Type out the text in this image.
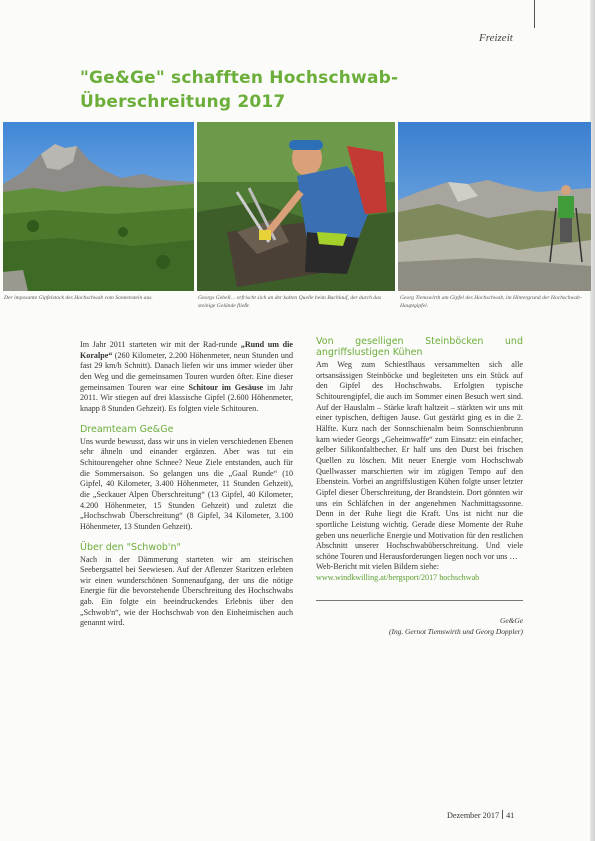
Freizeit
"Ge&Ge" schafften Hochschwab-Überschreitung 2017
Der imposante Gipfelstock des Hochschwab vom Sonnenstein aus.	Georgs Gebell… erfrischt sich an der kalten Quelle beim Bachlauf, der durch das steinige Gelände fließt.
Georg Tiemswirth am Gipfel des Hochschwab, im Hintergrund der Hochschwab-Hauptgipfel.

Im Jahr 2011 starteten wir mit der Rad-runde „Rund um die Koralpe“ (260 Kilometer, 2.200 Höhenmeter, neun Stunden und fast 29 km/h Schnitt). Danach liefen wir uns immer wieder über den Weg und die gemeinsamen Touren wurden öfter. Eine dieser gemeinsamen Touren war eine Schitour im Gesäuse im Jahr 2011. Wir stiegen auf drei klassische Gipfel (2.600 Höhenmeter, knapp 8 Stunden Gehzeit). Es folgten viele Schitouren.

Dreamteam Ge&Ge

Uns wurde bewusst, dass wir uns in vielen verschiedenen Ebenen sehr ähneln und einander ergänzen. Aber was tut ein Schitourengeher ohne Schnee? Neue Ziele entstanden, auch für die Sommersaison. So gelangen uns die „Gaal Runde“ (10 Gipfel, 40 Kilometer, 3.400 Höhenmeter, 11 Stunden Gehzeit), die „Seckauer Alpen Überschreitung“ (13 Gipfel, 40 Kilometer, 4.200 Höhenmeter, 15 Stunden Gehzeit) und zuletzt die „Hochschwab Überschreitung“ (8 Gipfel, 34 Kilometer, 3.100 Höhenmeter, 13 Stunden Gehzeit).

Über den "Schwob'n"

Nach in der Dämmerung starteten wir am steirischen Seebergsattel bei Seewiesen. Auf der Aflenzer Staritzen erlebten wir einen wunderschönen Sonnenaufgang, der uns die nötige Energie für die bevorstehende Überschreitung des Hochschwabs gab. Ein folgte ein beeindruckendes Erlebnis über den „Schwob'n“, wie der Hochschwab von den Einheimischen auch genannt wird.

Von geselligen Steinböcken und angriffslustigen Kühen

Am Weg zum Schiestlhaus versammelten sich alle ortsansässigen Steinböcke und begleiteten uns ein Stück auf den Gipfel des Hochschwabs. Erfolgten typische Schitourengipfel, die auch im Sommer einen Besuch wert sind. Auf der Hauslalm – Stärke kraft haltzeit – stärkten wir uns mit einer typischen, deftigen Jause. Gut gestärkt ging es in die 2. Hälfte. Kurz nach der Sonnschienalm beim Sonnschienbrunn kam wieder Georgs „Geheimwaffe“ zum Einsatz: ein einfacher, gelber Silikonfaltbecher. Er half uns den Durst bei frischen Quellen zu löschen. Mit neuer Energie vom Hochschwab Quellwasser marschierten wir im zügigen Tempo auf den Ebenstein. Vorbei an angriffslustigen Kühen folgte unser letzter Gipfel dieser Überschreitung, der Brandstein. Dort gönnten wir uns ein Schläfchen in der angenehmen Nachmittagssonne. Denn in der Ruhe liegt die Kraft. Uns ist nicht nur die sportliche Leistung wichtig. Gerade diese Momente der Ruhe geben uns neuerliche Energie und Motivation für den restlichen Abschnitt unserer Hochschwabüberschreitung. Und viele schöne Touren und Herausforderungen liegen noch vor uns …

Web-Bericht mit vielen Bildern siehe:

www.windkwilling.at/bergsport/2017 hochschwab

Ge&Ge

(Ing. Gernot Tiemswirth und Georg Doppler)

Dezember 2017 41
